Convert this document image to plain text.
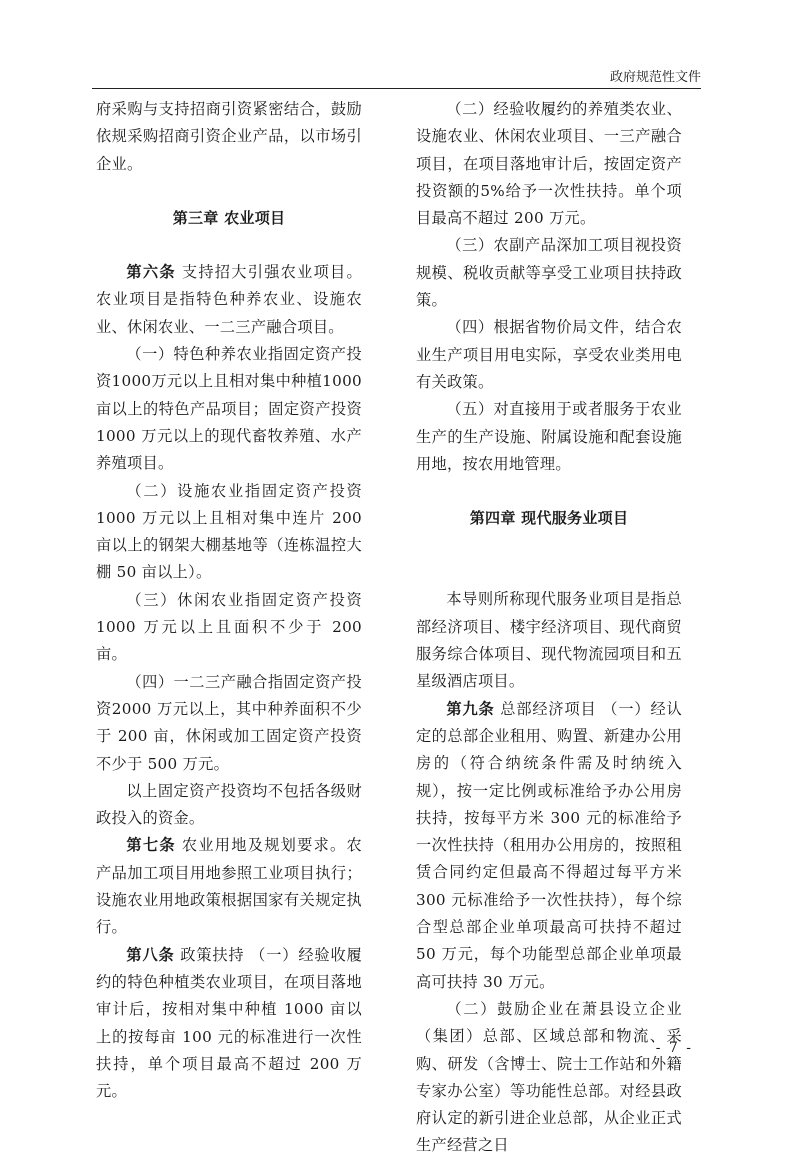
政府规范性文件

府采购与支持招商引资紧密结合，鼓励依规采购招商引资企业产品，以市场引企业。

第三章 农业项目

第六条 支持招大引强农业项目。农业项目是指特色种养农业、设施农业、休闲农业、一二三产融合项目。

（一）特色种养农业指固定资产投资1000万元以上且相对集中种植1000亩以上的特色产品项目；固定资产投资 1000 万元以上的现代畜牧养殖、水产养殖项目。

（二）设施农业指固定资产投资1000 万元以上且相对集中连片 200 亩以上的钢架大棚基地等（连栋温控大棚 50 亩以上）。

（三）休闲农业指固定资产投资1000 万元以上且面积不少于 200 亩。

（四）一二三产融合指固定资产投资2000 万元以上，其中种养面积不少于 200 亩，休闲或加工固定资产投资不少于 500 万元。

以上固定资产投资均不包括各级财政投入的资金。

第七条 农业用地及规划要求。农产品加工项目用地参照工业项目执行；设施农业用地政策根据国家有关规定执行。

第八条 政策扶持 （一）经验收履约的特色种植类农业项目，在项目落地审计后，按相对集中种植 1000 亩以上的按每亩 100 元的标准进行一次性扶持，单个项目最高不超过 200 万元。

（二）经验收履约的养殖类农业、设施农业、休闲农业项目、一三产融合项目，在项目落地审计后，按固定资产投资额的5%给予一次性扶持。单个项目最高不超过 200 万元。

（三）农副产品深加工项目视投资规模、税收贡献等享受工业项目扶持政策。

（四）根据省物价局文件，结合农业生产项目用电实际，享受农业类用电有关政策。

（五）对直接用于或者服务于农业生产的生产设施、附属设施和配套设施用地，按农用地管理。

第四章 现代服务业项目

本导则所称现代服务业项目是指总部经济项目、楼宇经济项目、现代商贸服务综合体项目、现代物流园项目和五星级酒店项目。

第九条 总部经济项目 （一）经认定的总部企业租用、购置、新建办公用房的（符合纳统条件需及时纳统入规），按一定比例或标准给予办公用房扶持，按每平方米 300 元的标准给予一次性扶持（租用办公用房的，按照租赁合同约定但最高不得超过每平方米 300 元标准给予一次性扶持），每个综合型总部企业单项最高可扶持不超过 50 万元，每个功能型总部企业单项最高可扶持 30 万元。

（二）鼓励企业在萧县设立企业（集团）总部、区域总部和物流、采购、研发（含博士、院士工作站和外籍专家办公室）等功能性总部。对经县政府认定的新引进企业总部，从企业正式生产经营之日

- 7 -
